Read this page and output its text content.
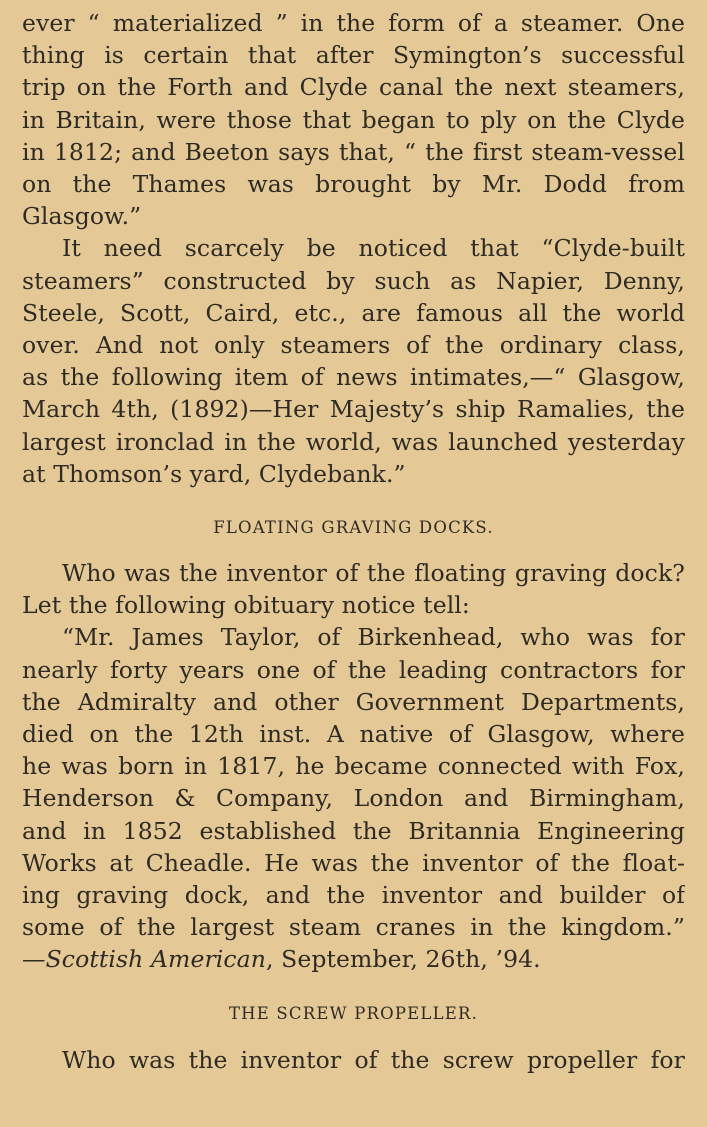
ever “ materialized ” in the form of a steamer. One
thing is certain that after Symington’s successful
trip on the Forth and Clyde canal the next steamers,
in Britain, were those that began to ply on the Clyde
in 1812; and Beeton says that, “ the first steam-vessel
on the Thames was brought by Mr. Dodd from
Glasgow.”
It need scarcely be noticed that “Clyde-built
steamers” constructed by such as Napier, Denny,
Steele, Scott, Caird, etc., are famous all the world
over. And not only steamers of the ordinary class,
as the following item of news intimates,—“ Glasgow,
March 4th, (1892)—Her Majesty’s ship Ramalies, the
largest ironclad in the world, was launched yesterday
at Thomson’s yard, Clydebank.”
FLOATING GRAVING DOCKS.
Who was the inventor of the floating graving dock?
Let the following obituary notice tell:
“Mr. James Taylor, of Birkenhead, who was for
nearly forty years one of the leading contractors for
the Admiralty and other Government Departments,
died on the 12th inst. A native of Glasgow, where
he was born in 1817, he became connected with Fox,
Henderson & Company, London and Birmingham,
and in 1852 established the Britannia Engineering
Works at Cheadle. He was the inventor of the float-
ing graving dock, and the inventor and builder of
some of the largest steam cranes in the kingdom.”
—Scottish American, September, 26th, ’94.
THE SCREW PROPELLER.
Who was the inventor of the screw propeller for
